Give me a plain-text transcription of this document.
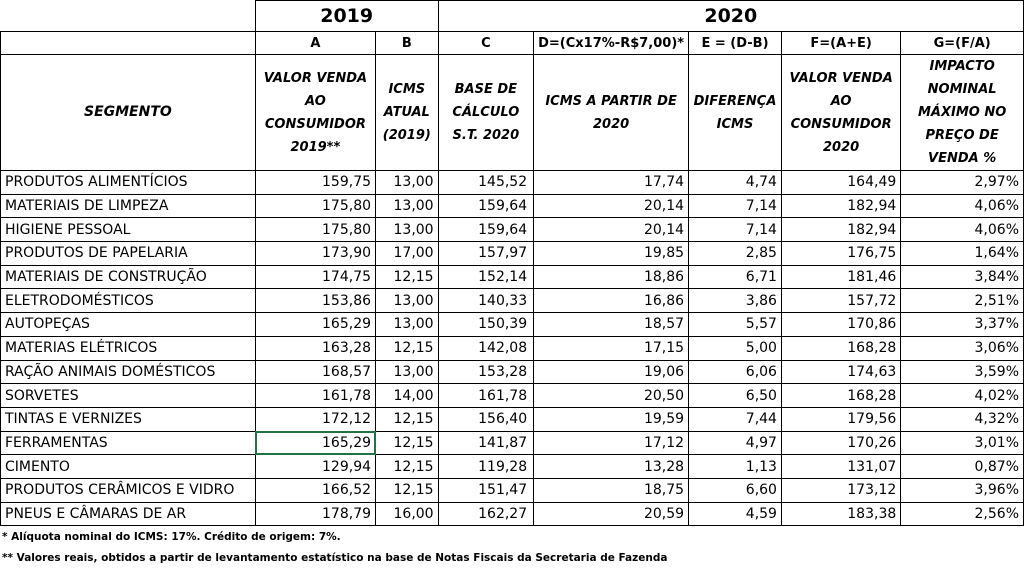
	2019		2020				
	A	B	C	D=(Cx17%-R$7,00)*	E = (D-B)	F=(A+E)	G=(F/A)
SEGMENTO	VALOR VENDA AO CONSUMIDOR 2019**	ICMS ATUAL (2019)	BASE DE CÁLCULO S.T. 2020	ICMS A PARTIR DE 2020	DIFERENÇA ICMS	VALOR VENDA AO CONSUMIDOR 2020	IMPACTO NOMINAL MÁXIMO NO PREÇO DE VENDA %
PRODUTOS ALIMENTÍCIOS	159,75	13,00	145,52	17,74	4,74	164,49	2,97%
MATERIAIS DE LIMPEZA	175,80	13,00	159,64	20,14	7,14	182,94	4,06%
HIGIENE PESSOAL	175,80	13,00	159,64	20,14	7,14	182,94	4,06%
PRODUTOS DE PAPELARIA	173,90	17,00	157,97	19,85	2,85	176,75	1,64%
MATERIAIS DE CONSTRUÇÃO	174,75	12,15	152,14	18,86	6,71	181,46	3,84%
ELETRODOMÉSTICOS	153,86	13,00	140,33	16,86	3,86	157,72	2,51%
AUTOPEÇAS	165,29	13,00	150,39	18,57	5,57	170,86	3,37%
MATERIAS ELÉTRICOS	163,28	12,15	142,08	17,15	5,00	168,28	3,06%
RAÇÃO ANIMAIS DOMÉSTICOS	168,57	13,00	153,28	19,06	6,06	174,63	3,59%
SORVETES	161,78	14,00	161,78	20,50	6,50	168,28	4,02%
TINTAS E VERNIZES	172,12	12,15	156,40	19,59	7,44	179,56	4,32%
FERRAMENTAS	165,29	12,15	141,87	17,12	4,97	170,26	3,01%
CIMENTO	129,94	12,15	119,28	13,28	1,13	131,07	0,87%
PRODUTOS CERÂMICOS E VIDRO	166,52	12,15	151,47	18,75	6,60	173,12	3,96%
PNEUS E CÂMARAS DE AR	178,79	16,00	162,27	20,59	4,59	183,38	2,56%
* Alíquota nominal do ICMS: 17%. Crédito de origem: 7%.
** Valores reais, obtidos a partir de levantamento estatístico na base de Notas Fiscais da Secretaria de Fazenda
